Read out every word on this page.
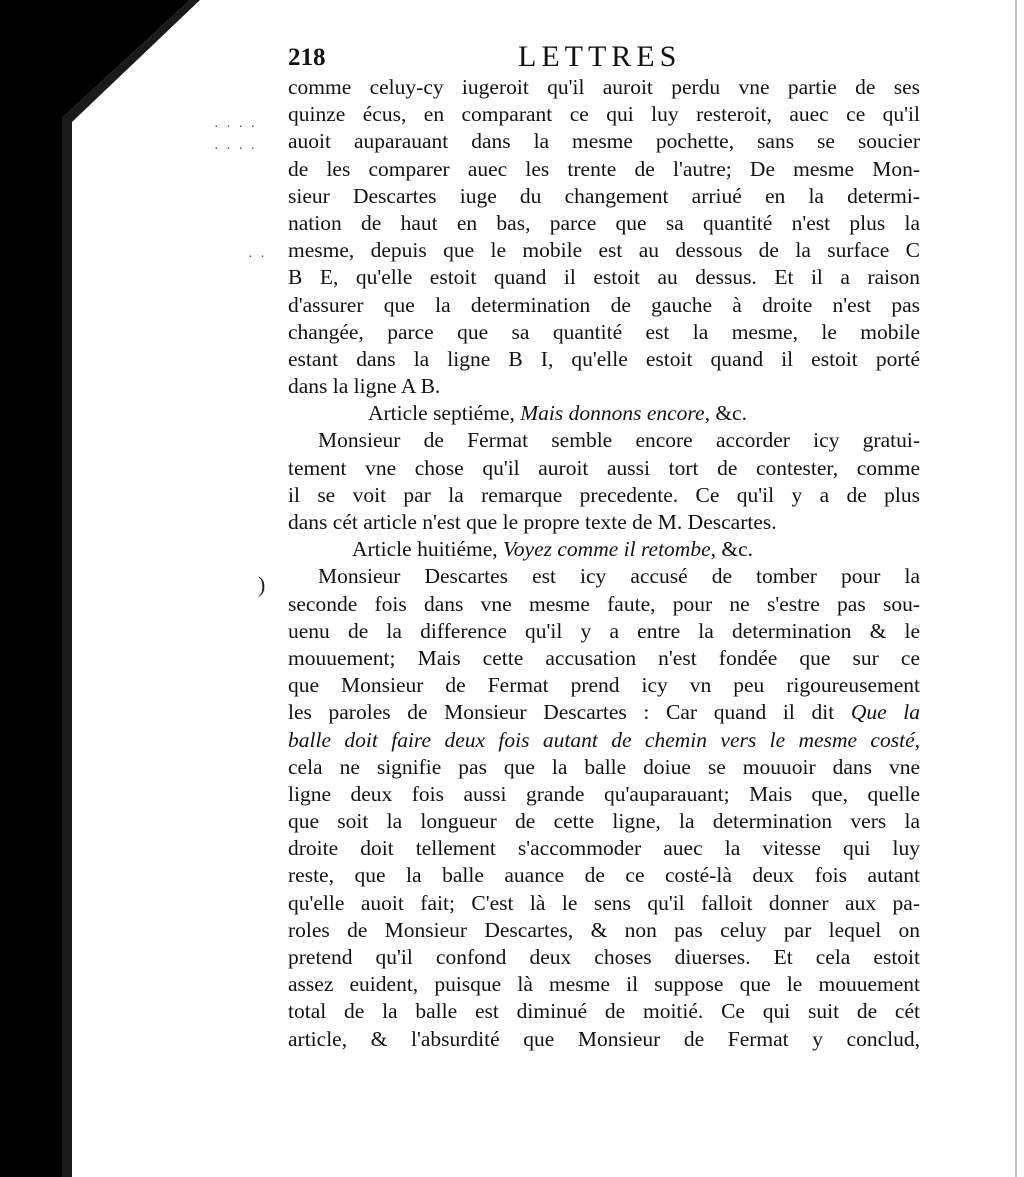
218	LETTRES
· · · ·
· · · ·
· ·
)
comme celuy-cy iugeroit qu'il auroit perdu vne partie de ses
quinze écus, en comparant ce qui luy resteroit, auec ce qu'il
auoit auparauant dans la mesme pochette, sans se soucier
de les comparer auec les trente de l'autre; De mesme Mon-
sieur Descartes iuge du changement arriué en la determi-
nation de haut en bas, parce que sa quantité n'est plus la
mesme, depuis que le mobile est au dessous de la surface C
B E, qu'elle estoit quand il estoit au dessus. Et il a raison
d'assurer que la determination de gauche à droite n'est pas
changée, parce que sa quantité est la mesme, le mobile
estant dans la ligne B I, qu'elle estoit quand il estoit porté
dans la ligne A B.
Article septiéme, Mais donnons encore, &c.
Monsieur de Fermat semble encore accorder icy gratui-
tement vne chose qu'il auroit aussi tort de contester, comme
il se voit par la remarque precedente. Ce qu'il y a de plus
dans cét article n'est que le propre texte de M. Descartes.
Article huitiéme, Voyez comme il retombe, &c.
Monsieur Descartes est icy accusé de tomber pour la
seconde fois dans vne mesme faute, pour ne s'estre pas sou-
uenu de la difference qu'il y a entre la determination & le
mouuement; Mais cette accusation n'est fondée que sur ce
que Monsieur de Fermat prend icy vn peu rigoureusement
les paroles de Monsieur Descartes : Car quand il dit Que la
balle doit faire deux fois autant de chemin vers le mesme costé,
cela ne signifie pas que la balle doiue se mouuoir dans vne
ligne deux fois aussi grande qu'auparauant; Mais que, quelle
que soit la longueur de cette ligne, la determination vers la
droite doit tellement s'accommoder auec la vitesse qui luy
reste, que la balle auance de ce costé-là deux fois autant
qu'elle auoit fait; C'est là le sens qu'il falloit donner aux pa-
roles de Monsieur Descartes, & non pas celuy par lequel on
pretend qu'il confond deux choses diuerses. Et cela estoit
assez euident, puisque là mesme il suppose que le mouuement
total de la balle est diminué de moitié. Ce qui suit de cét
article, & l'absurdité que Monsieur de Fermat y conclud,
